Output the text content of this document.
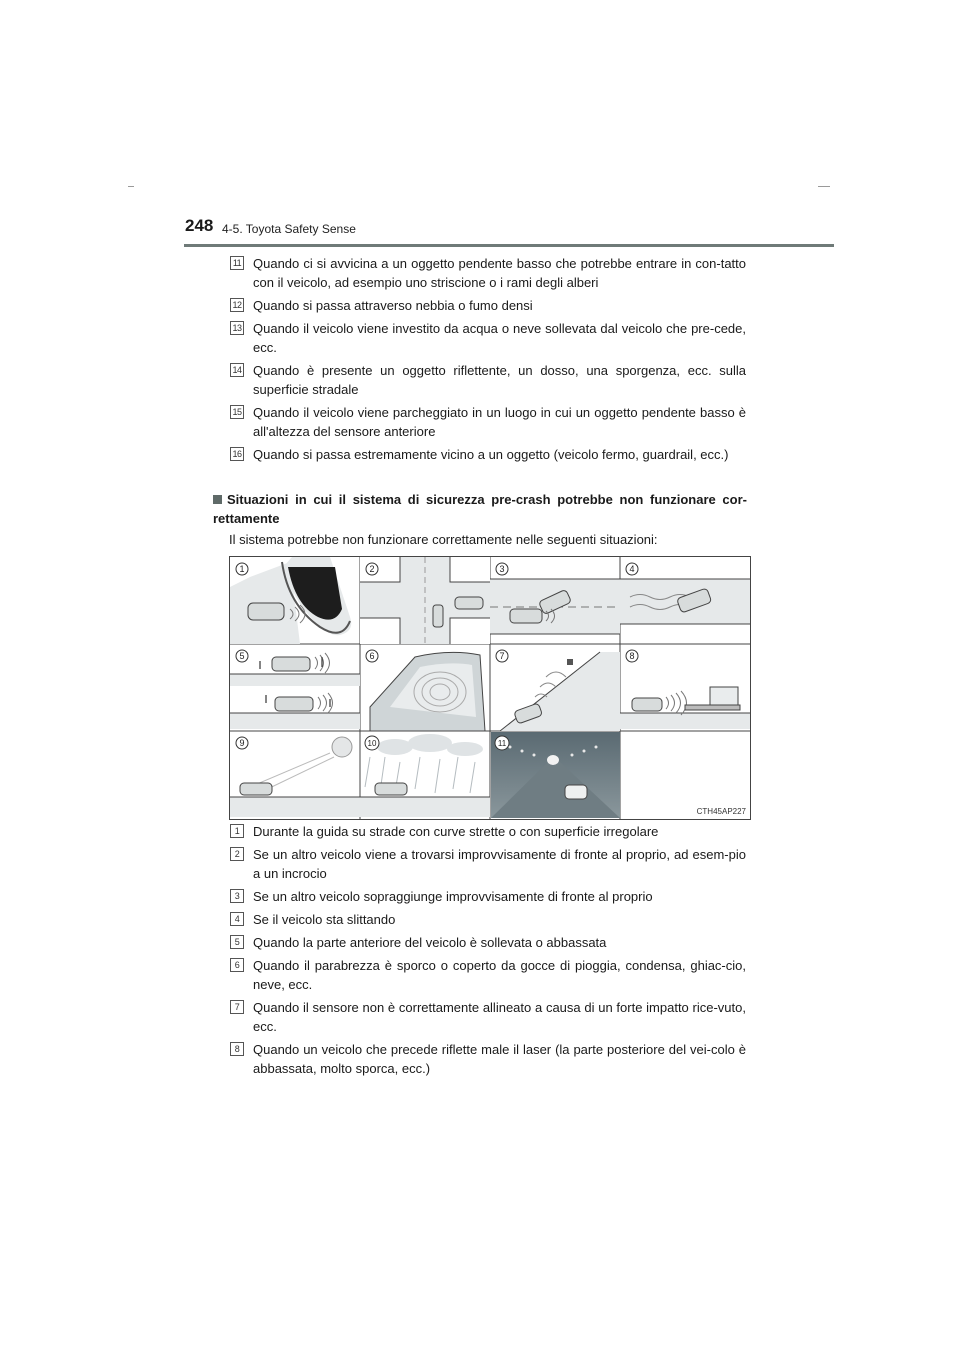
248 4-5. Toyota Safety Sense
11 Quando ci si avvicina a un oggetto pendente basso che potrebbe entrare in con-tatto con il veicolo, ad esempio uno striscione o i rami degli alberi
12 Quando si passa attraverso nebbia o fumo densi
13 Quando il veicolo viene investito da acqua o neve sollevata dal veicolo che pre-cede, ecc.
14 Quando è presente un oggetto riflettente, un dosso, una sporgenza, ecc. sulla superficie stradale
15 Quando il veicolo viene parcheggiato in un luogo in cui un oggetto pendente basso è all'altezza del sensore anteriore
16 Quando si passa estremamente vicino a un oggetto (veicolo fermo, guardrail, ecc.)
Situazioni in cui il sistema di sicurezza pre-crash potrebbe non funzionare cor-rettamente
Il sistema potrebbe non funzionare correttamente nelle seguenti situazioni:
1	2	3	4
5	6	7	8
9	10	11
CTH45AP227
1	Durante la guida su strade con curve strette o con superficie irregolare
2	Se un altro veicolo viene a trovarsi improvvisamente di fronte al proprio, ad esem-pio a un incrocio
3	Se un altro veicolo sopraggiunge improvvisamente di fronte al proprio
4	Se il veicolo sta slittando
5	Quando la parte anteriore del veicolo è sollevata o abbassata
6	Quando il parabrezza è sporco o coperto da gocce di pioggia, condensa, ghiac-cio, neve, ecc.
7	Quando il sensore non è correttamente allineato a causa di un forte impatto rice-vuto, ecc.
8	Quando un veicolo che precede riflette male il laser (la parte posteriore del vei-colo è abbassata, molto sporca, ecc.)
